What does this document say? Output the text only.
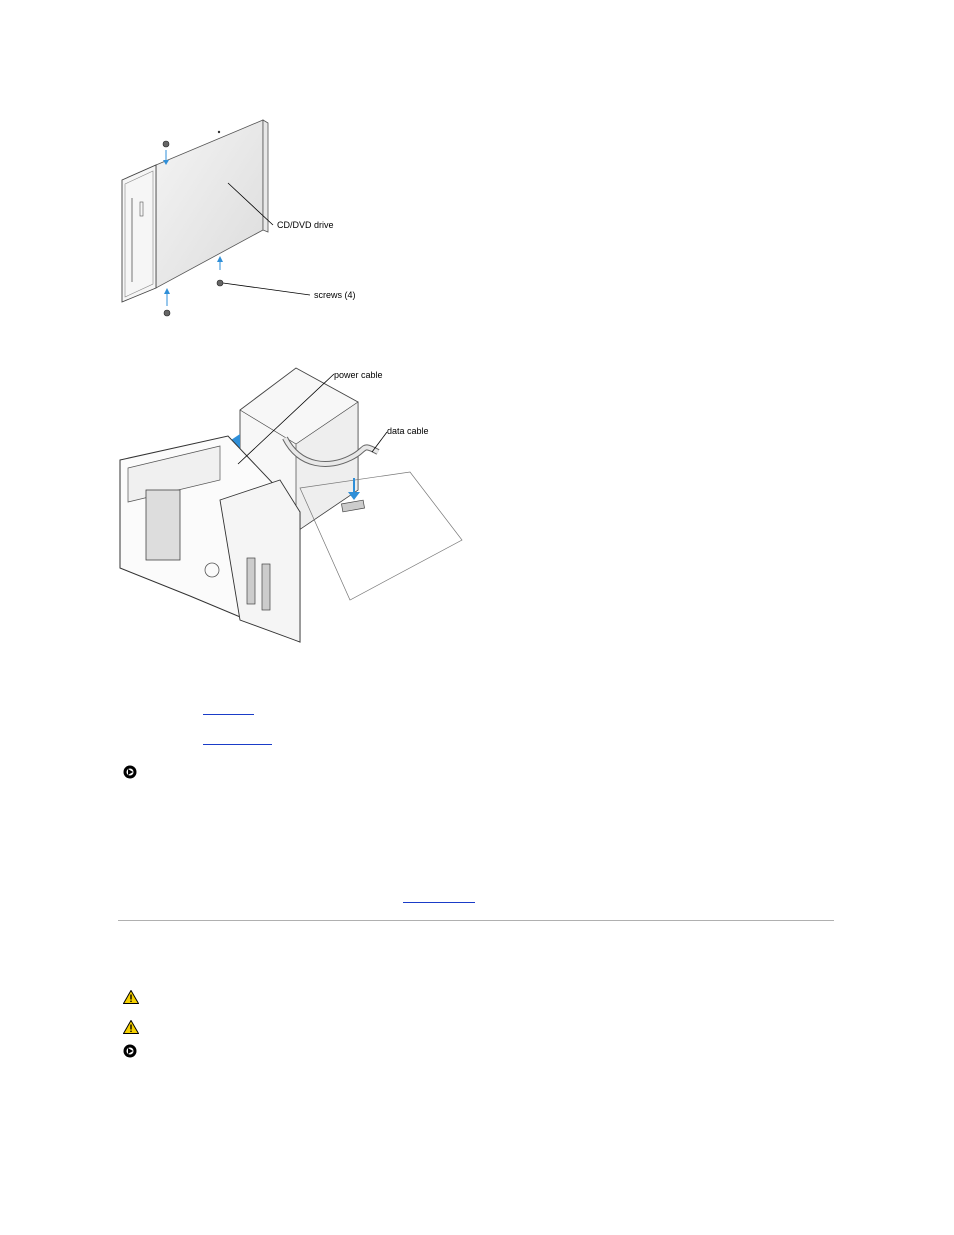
CD/DVD drive
screws (4)
power cable
data cable
